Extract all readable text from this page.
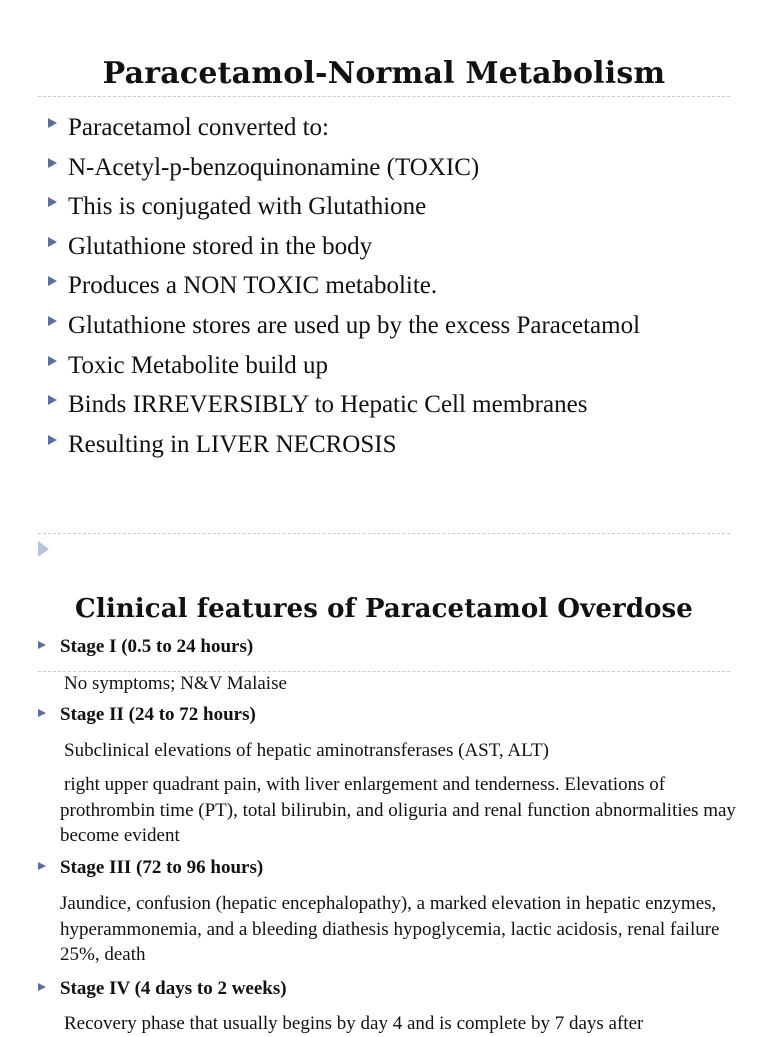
Paracetamol-Normal Metabolism
Paracetamol converted to:
N-Acetyl-p-benzoquinonamine (TOXIC)
This is conjugated with Glutathione
Glutathione stored in the body
Produces a NON TOXIC metabolite.
Glutathione stores are used up by the excess Paracetamol
Toxic Metabolite build up
Binds IRREVERSIBLY to Hepatic Cell membranes
Resulting in LIVER NECROSIS
Clinical features of Paracetamol Overdose
Stage I (0.5 to 24 hours)
No symptoms; N&V Malaise
Stage II (24 to 72 hours)
Subclinical elevations of hepatic aminotransferases (AST, ALT)
right upper quadrant pain, with liver enlargement and tenderness. Elevations of prothrombin time (PT), total bilirubin, and oliguria and renal function abnormalities may become evident
Stage III (72 to 96 hours)
Jaundice, confusion (hepatic encephalopathy), a marked elevation in hepatic enzymes, hyperammonemia, and a bleeding diathesis hypoglycemia, lactic acidosis, renal failure 25%, death
Stage IV (4 days to 2 weeks)
Recovery phase that usually begins by day 4 and is complete by 7 days after
